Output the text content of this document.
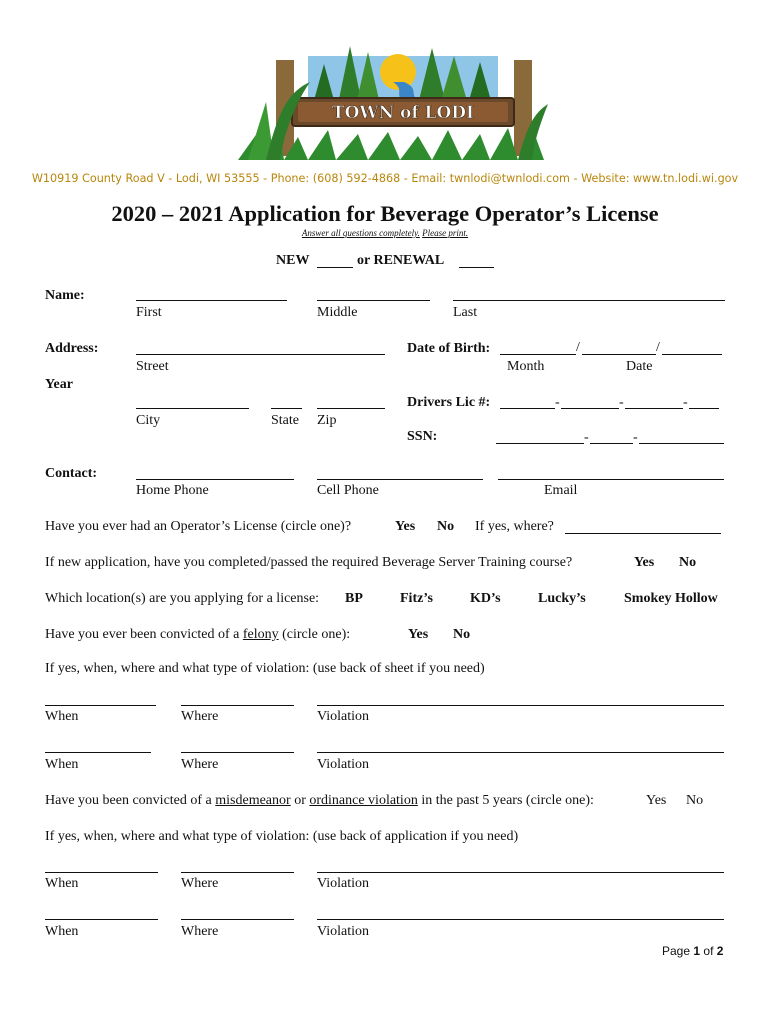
TOWN of LODI
W10919 County Road V - Lodi, WI 53555 - Phone: (608) 592-4868 - Email: twnlodi@twnlodi.com - Website: www.tn.lodi.wi.gov
2020 – 2021 Application for Beverage Operator’s License
Answer all questions completely. Please print.
NEW	or RENEWAL
Name:
First	Middle	Last
Address:
Street
Year
Date of Birth:	/	/
Month	Date
City	State Zip
Drivers Lic #:	-	-	-
SSN:	-	-
Contact:
Home Phone	Cell Phone	Email
Have you ever had an Operator’s License (circle one)?	Yes No If yes, where?
If new application, have you completed/passed the required Beverage Server Training course?	Yes No
Which location(s) are you applying for a license: BP	Fitz’s	KD’s	Lucky’s	Smokey Hollow
Have you ever been convicted of a felony (circle one):	Yes No
If yes, when, where and what type of violation: (use back of sheet if you need)
When	Where	Violation
When	Where	Violation
Have you been convicted of a misdemeanor or ordinance violation in the past 5 years (circle one):	Yes No
If yes, when, where and what type of violation: (use back of application if you need)
When	Where	Violation
When	Where	Violation
Page 1 of 2
